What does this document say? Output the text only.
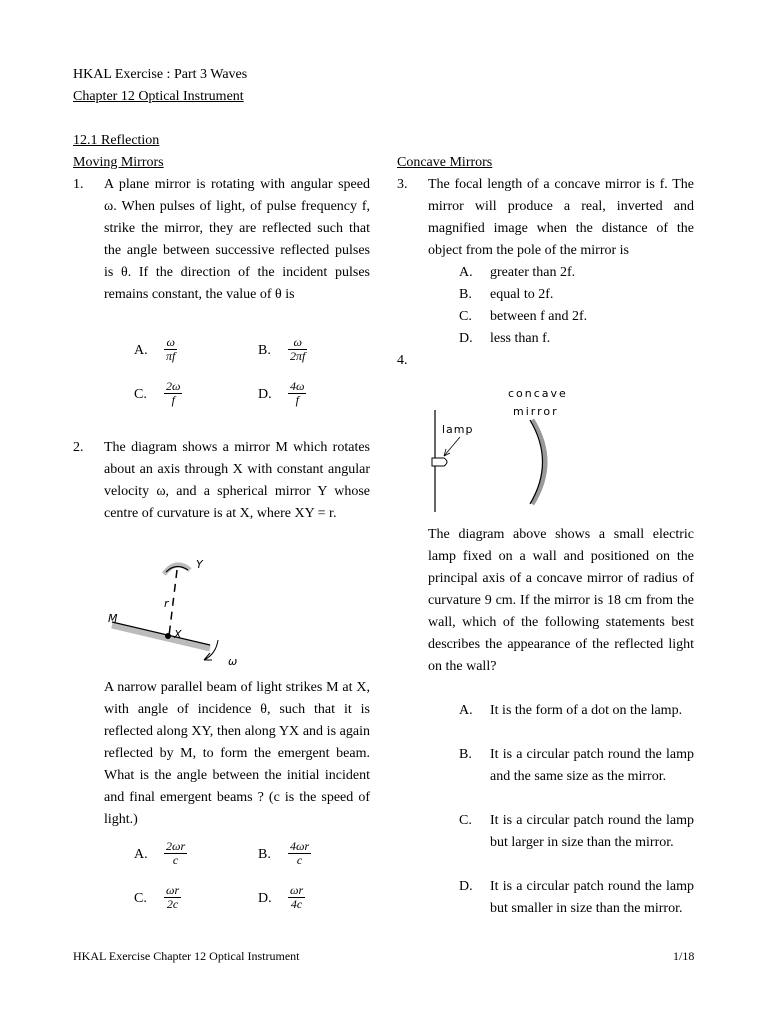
HKAL Exercise : Part 3 Waves
Chapter 12 Optical Instrument
12.1 Reflection
Moving Mirrors
1. A plane mirror is rotating with angular speed ω. When pulses of light, of pulse frequency f, strike the mirror, they are reflected such that the angle between successive reflected pulses is θ. If the direction of the incident pulses remains constant, the value of θ is
A.
ω
πf	B.
ω
2πf
C.
2ω
f	D.
4ω
f
2. The diagram shows a mirror M which rotates about an axis through X with constant angular velocity ω, and a spherical mirror Y whose centre of curvature is at X, where XY = r.
Y
r
M
X
ω
A narrow parallel beam of light strikes M at X, with angle of incidence θ, such that it is reflected along XY, then along YX and is again reflected by M, to form the emergent beam. What is the angle between the initial incident and final emergent beams ? (c is the speed of light.)
A.
2ωr
c	B.
4ωr
c
C.
ωr
2c	D.
ωr
4c
Concave Mirrors
3. The focal length of a concave mirror is f. The mirror will produce a real, inverted and magnified image when the distance of the object from the pole of the mirror is
A. greater than 2f.
B. equal to 2f.
C. between f and 2f.
D. less than f.
4.
concave
mirror
lamp
The diagram above shows a small electric lamp fixed on a wall and positioned on the principal axis of a concave mirror of radius of curvature 9 cm. If the mirror is 18 cm from the wall, which of the following statements best describes the appearance of the reflected light on the wall?
A. It is the form of a dot on the lamp.
B. It is a circular patch round the lamp and the same size as the mirror.
C. It is a circular patch round the lamp but larger in size than the mirror.
D. It is a circular patch round the lamp but smaller in size than the mirror.
HKAL Exercise Chapter 12 Optical Instrument	1/18
